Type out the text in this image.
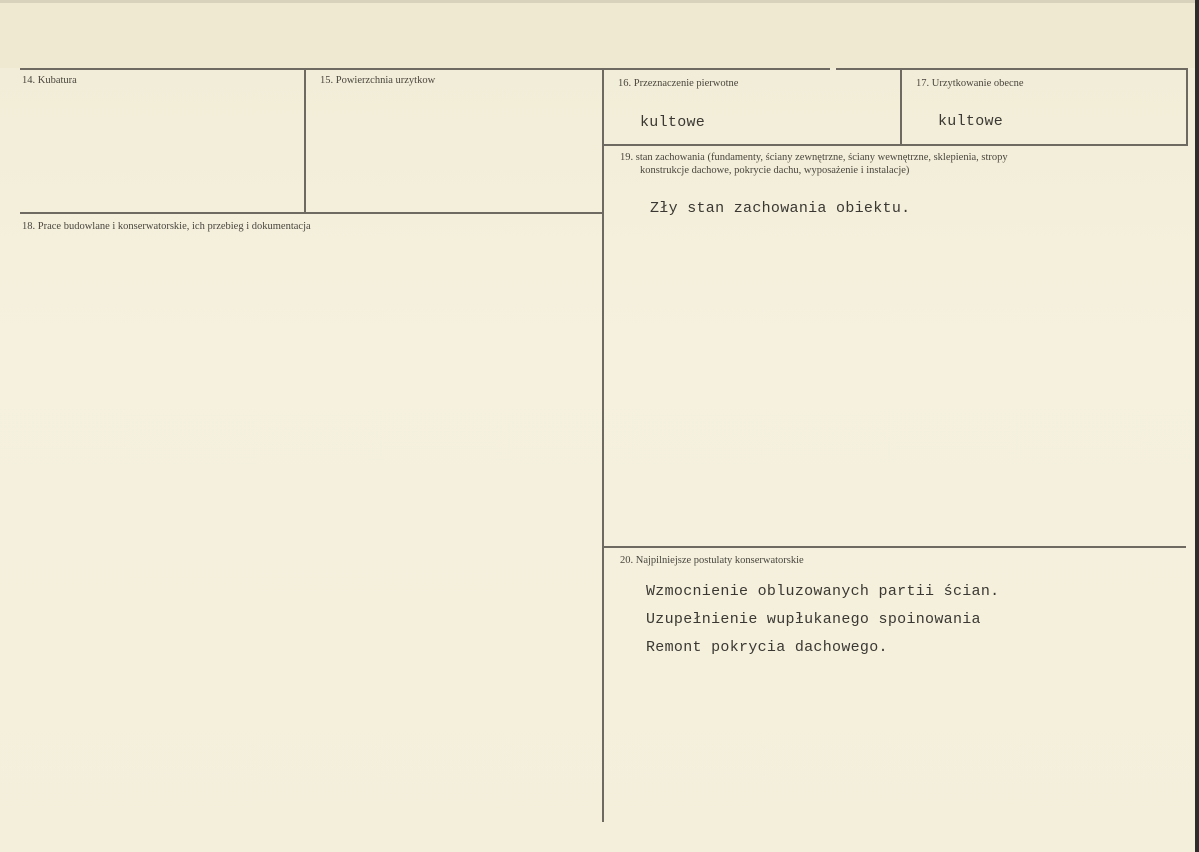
14. Kubatura	15. Powierzchnia urzytkow	16. Przeznaczenie pierwotne
kultowe
17. Urzytkowanie obecne
kultowe
18. Prace budowlane i konserwatorskie, ich przebieg i dokumentacja
19. stan zachowania (fundamenty, ściany zewnętrzne, ściany wewnętrzne, sklepienia, stropy
konstrukcje dachowe, pokrycie dachu, wyposażenie i instalacje)
Zły stan zachowania obiektu.
20. Najpilniejsze postulaty konserwatorskie
Wzmocnienie obluzowanych partii ścian.
Uzupełnienie wupłukanego spoinowania
Remont pokrycia dachowego.
